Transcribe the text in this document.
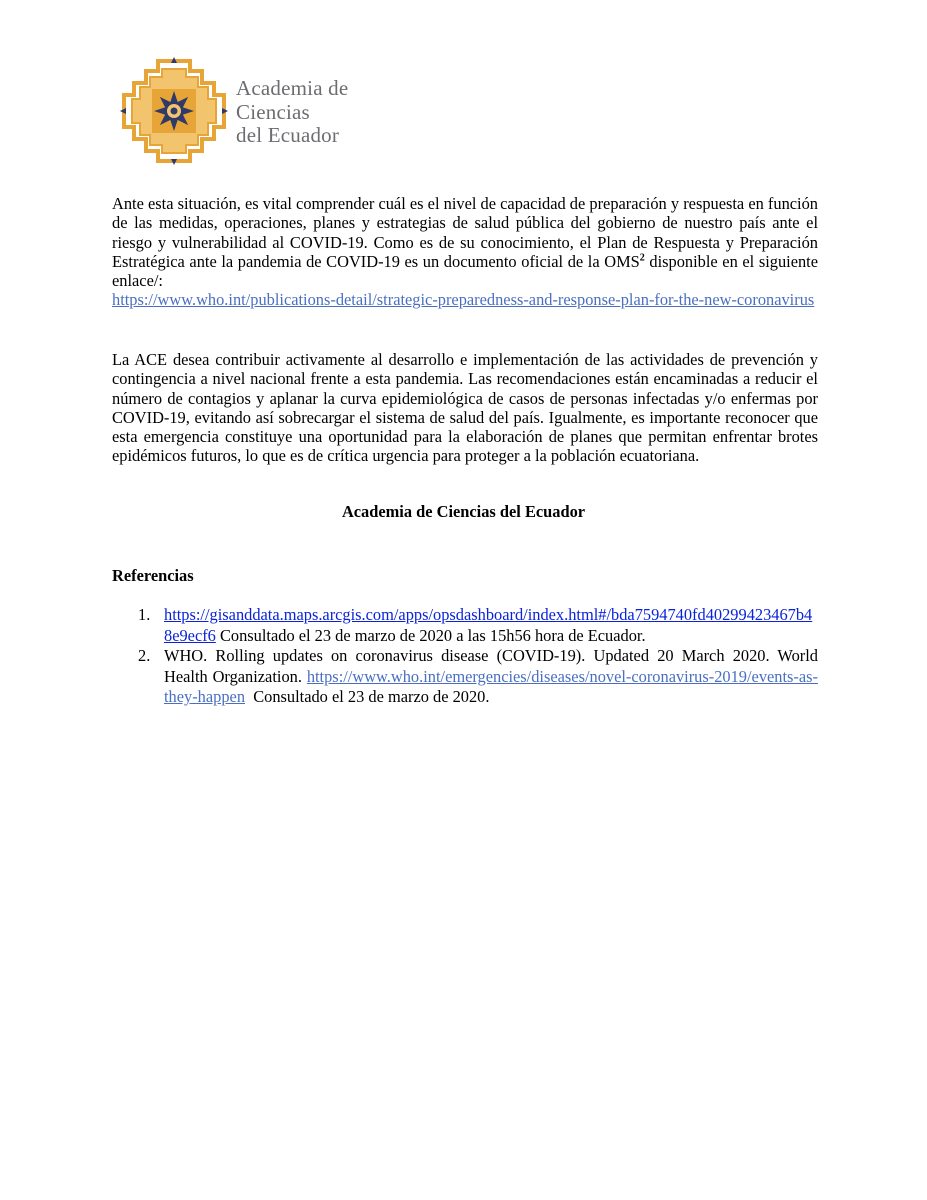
Academia de
Ciencias
del Ecuador

Ante esta situación, es vital comprender cuál es el nivel de capacidad de preparación y respuesta en función de las medidas, operaciones, planes y estrategias de salud pública del gobierno de nuestro país ante el riesgo y vulnerabilidad al COVID-19. Como es de su conocimiento, el Plan de Respuesta y Preparación Estratégica ante la pandemia de COVID-19 es un documento oficial de la OMS$^2$ disponible en el siguiente enlace/:
https://www.who.int/publications-detail/strategic-preparedness-and-response-plan-for-the-new-coronavirus

La ACE desea contribuir activamente al desarrollo e implementación de las actividades de prevención y contingencia a nivel nacional frente a esta pandemia. Las recomendaciones están encaminadas a reducir el número de contagios y aplanar la curva epidemiológica de casos de personas infectadas y/o enfermas por COVID-19, evitando así sobrecargar el sistema de salud del país. Igualmente, es importante reconocer que esta emergencia constituye una oportunidad para la elaboración de planes que permitan enfrentar brotes epidémicos futuros, lo que es de crítica urgencia para proteger a la población ecuatoriana.

Academia de Ciencias del Ecuador

Referencias

1. https://gisanddata.maps.arcgis.com/apps/opsdashboard/index.html#/bda7594740fd40299423467b48e9ecf6 Consultado el 23 de marzo de 2020 a las 15h56 hora de Ecuador.
2. WHO. Rolling updates on coronavirus disease (COVID-19). Updated 20 March 2020. World Health Organization. https://www.who.int/emergencies/diseases/novel-coronavirus-2019/events-as-they-happen  Consultado el 23 de marzo de 2020.
